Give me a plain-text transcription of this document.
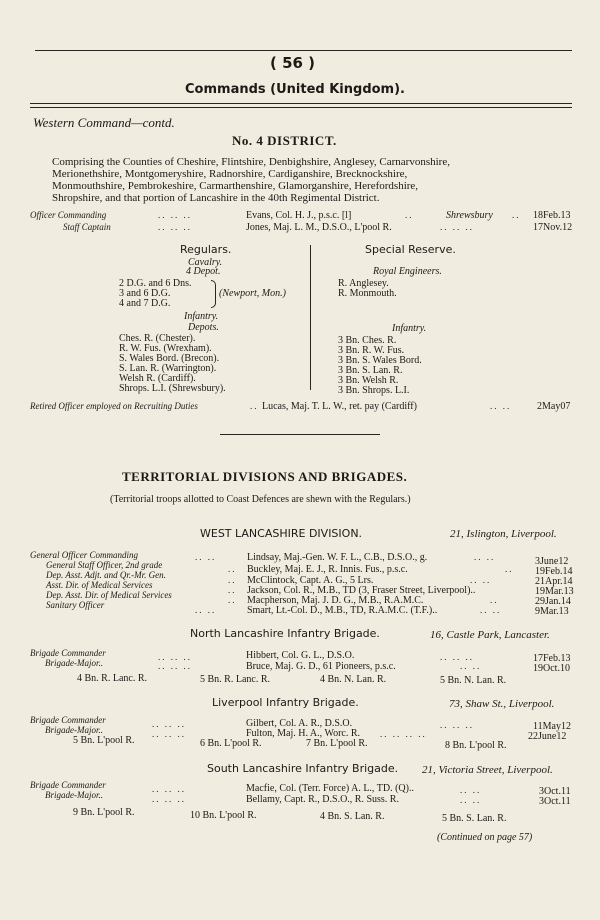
( 56 )
Commands (United Kingdom).
Western Command—contd.
No. 4 DISTRICT.
Comprising the Counties of Cheshire, Flintshire, Denbighshire, Anglesey, Carnarvonshire,
Merionethshire, Montgomeryshire, Radnorshire, Cardiganshire, Brecknockshire,
Monmouthshire, Pembrokeshire, Carmarthenshire, Glamorganshire, Herefordshire,
Shropshire, and that portion of Lancashire in the 40th Regimental District.
Officer Commanding	.. .. ..	Evans, Col. H. J., p.s.c. [l]	..	Shrewsbury .. 18Feb.13
Staff Captain	.. .. ..	Jones, Maj. L. M., D.S.O., L'pool R.	.. .. ..	17Nov.12
Regulars.
Cavalry.
4 Depot.
2 D.G. and 6 Dns.
3 and 6 D.G.
4 and 7 D.G.
(Newport, Mon.)
Infantry.
Depots.
Ches. R. (Chester).
R. W. Fus. (Wrexham).
S. Wales Bord. (Brecon).
S. Lan. R. (Warrington).
Welsh R. (Cardiff).
Shrops. L.I. (Shrewsbury).
Special Reserve.
Royal Engineers.
R. Anglesey.
R. Monmouth.
Infantry.
3 Bn. Ches. R.
3 Bn. R. W. Fus.
3 Bn. S. Wales Bord.
3 Bn. S. Lan. R.
3 Bn. Welsh R.
3 Bn. Shrops. L.I.
Retired Officer employed on Recruiting Duties	.. Lucas, Maj. T. L. W., ret. pay (Cardiff)	.. ..	2May07
TERRITORIAL DIVISIONS AND BRIGADES.
(Territorial troops allotted to Coast Defences are shewn with the Regulars.)
WEST LANCASHIRE DIVISION.	21, Islington, Liverpool.
General Officer Commanding	.. ..	Lindsay, Maj.-Gen. W. F. L., C.B., D.S.O., g.	.. ..	3June12
General Staff Officer, 2nd grade	.. Buckley, Maj. E. J., R. Innis. Fus., p.s.c.	.. 19Feb.14
Dep. Asst. Adjt. and Qr.-Mr. Gen.	.. McClintock, Capt. A. G., 5 Lrs.	.. ..	21Apr.14
Asst. Dir. of Medical Services	.. Jackson, Col. R., M.B., TD (3, Fraser Street, Liverpool)..	19Mar.13
Dep. Asst. Dir. of Medical Services	.. Macpherson, Maj. J. D. G., M.B., R.A.M.C.	..	29Jan.14
Sanitary Officer	.. ..	Smart, Lt.-Col. D., M.B., TD, R.A.M.C. (T.F.)..	.. ..	9Mar.13
North Lancashire Infantry Brigade.	16, Castle Park, Lancaster.
Brigade Commander	.. .. ..	Hibbert, Col. G. L., D.S.O.	.. .. ..	17Feb.13
Brigade-Major..	.. .. ..	Bruce, Maj. G. D., 61 Pioneers, p.s.c.	.. ..	19Oct.10
4 Bn. R. Lanc. R.	5 Bn. R. Lanc. R.	4 Bn. N. Lan. R.	5 Bn. N. Lan. R.
Liverpool Infantry Brigade.	73, Shaw St., Liverpool.
Brigade Commander	.. .. ..	Gilbert, Col. A. R., D.S.O.	.. .. ..	11May12
Brigade-Major..	.. .. ..	Fulton, Maj. H. A., Worc. R. .. .. .. ..	22June12
5 Bn. L'pool R.	6 Bn. L'pool R.	7 Bn. L'pool R.	8 Bn. L'pool R.
South Lancashire Infantry Brigade. 21, Victoria Street, Liverpool.
Brigade Commander	.. .. ..	Macfie, Col. (Terr. Force) A. L., TD. (Q)..	.. ..	3Oct.11
Brigade-Major..	.. .. ..	Bellamy, Capt. R., D.S.O., R. Suss. R.	.. ..	3Oct.11
9 Bn. L'pool R.	10 Bn. L'pool R.	4 Bn. S. Lan. R.	5 Bn. S. Lan. R.
(Continued on page 57)
